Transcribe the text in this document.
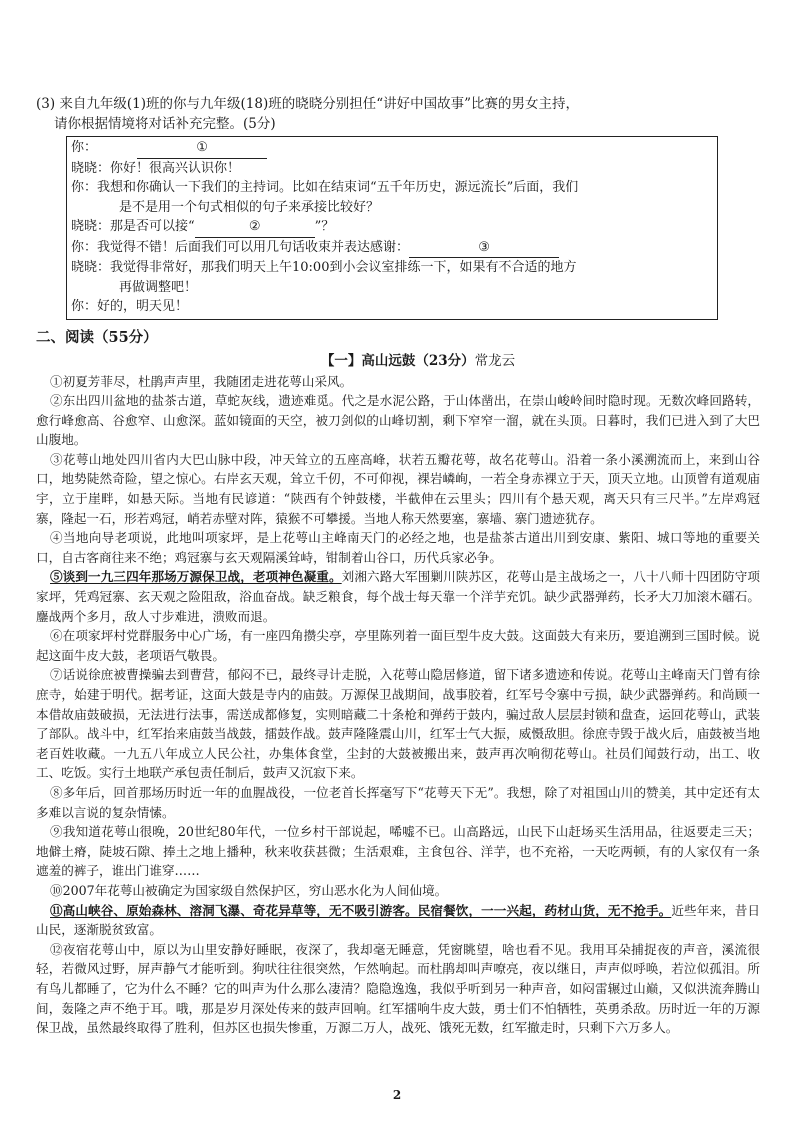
(3) 来自九年级(1)班的你与九年级(18)班的晓晓分别担任“讲好中国故事”比赛的男女主持，
请你根据情境将对话补充完整。(5分)

你：	①
晓晓：你好！很高兴认识你！
你：我想和你确认一下我们的主持词。比如在结束词“五千年历史，源远流长”后面，我们
是不是用一个句式相似的句子来承接比较好？
晓晓：那是否可以接“	②	”？
你：我觉得不错！后面我们可以用几句话收束并表达感谢：	③
晓晓：我觉得非常好，那我们明天上午10:00到小会议室排练一下，如果有不合适的地方
再做调整吧！
你：好的，明天见！
二、阅读（55分）
【一】高山远鼓（23分）常龙云

①初夏芳菲尽，杜鹃声声里，我随团走进花萼山采风。

②东出四川盆地的盐茶古道，草蛇灰线，遗迹难觅。代之是水泥公路，于山体凿出，在崇山峻岭间时隐时现。无数次峰回路转，愈行峰愈高、谷愈窄、山愈深。蓝如镜面的天空，被刀剑似的山峰切割，剩下窄窄一溜，就在头顶。日暮时，我们已进入到了大巴山腹地。

③花萼山地处四川省内大巴山脉中段，冲天耸立的五座高峰，状若五瓣花萼，故名花萼山。沿着一条小溪溯流而上，来到山谷口，地势陡然奇险，望之惊心。右岸玄天观，耸立千仞，不可仰视，裸岩嶙峋，一若全身赤裸立于天，顶天立地。山顶曾有道观庙宇，立于崖畔，如悬天际。当地有民谚道：“陕西有个钟鼓楼，半截伸在云里头；四川有个悬天观，离天只有三尺半。”左岸鸡冠寨，隆起一石，形若鸡冠，峭若赤壁对阵，猿猴不可攀援。当地人称天然要塞，寨墙、寨门遗迹犹存。

④当地向导老项说，此地叫项家坪，是上花萼山主峰南天门的必经之地，也是盐茶古道出川到安康、紫阳、城口等地的重要关口，自古客商往来不绝；鸡冠寨与玄天观隔溪耸峙，钳制着山谷口，历代兵家必争。

⑤谈到一九三四年那场万源保卫战，老项神色凝重。刘湘六路大军围剿川陕苏区，花萼山是主战场之一，八十八师十四团防守项家坪，凭鸡冠寨、玄天观之险阻敌，浴血奋战。缺乏粮食，每个战士每天靠一个洋芋充饥。缺少武器弹药，长矛大刀加滚木礌石。鏖战两个多月，敌人寸步难进，溃败而退。

⑥在项家坪村党群服务中心广场，有一座四角攒尖亭，亭里陈列着一面巨型牛皮大鼓。这面鼓大有来历，要追溯到三国时候。说起这面牛皮大鼓，老项语气敬畏。

⑦话说徐庶被曹操骗去到曹营，郁闷不已，最终寻计走脱，入花萼山隐居修道，留下诸多遗迹和传说。花萼山主峰南天门曾有徐庶寺，始建于明代。据考证，这面大鼓是寺内的庙鼓。万源保卫战期间，战事胶着，红军号令寨中亏损，缺少武器弹药。和尚顾一本借故庙鼓破损，无法进行法事，需送成都修复，实则暗藏二十条枪和弹药于鼓内，骗过敌人层层封锁和盘查，运回花萼山，武装了部队。战斗中，红军抬来庙鼓当战鼓，擂鼓作战。鼓声隆隆震山川，红军士气大振，威慑敌胆。徐庶寺毁于战火后，庙鼓被当地老百姓收藏。一九五八年成立人民公社，办集体食堂，尘封的大鼓被搬出来，鼓声再次响彻花萼山。社员们闻鼓行动，出工、收工、吃饭。实行土地联产承包责任制后，鼓声又沉寂下来。

⑧多年后，回首那场历时近一年的血腥战役，一位老首长挥毫写下“花萼天下无”。我想，除了对祖国山川的赞美，其中定还有太多难以言说的复杂情愫。

⑨我知道花萼山很晚，20世纪80年代，一位乡村干部说起，唏嘘不已。山高路远，山民下山赶场买生活用品，往返要走三天；地僻土瘠，陡坡石隙、捧土之地上播种，秋来收获甚微；生活艰难，主食包谷、洋芋，也不充裕，一天吃两顿，有的人家仅有一条遮羞的裤子，谁出门谁穿……

⑩2007年花萼山被确定为国家级自然保护区，穷山恶水化为人间仙境。

⑪高山峡谷、原始森林、溶洞飞瀑、奇花异草等，无不吸引游客。民宿餐饮，一一兴起，药材山货，无不抢手。近些年来，昔日山民，逐渐脱贫致富。

⑫夜宿花萼山中，原以为山里安静好睡眠，夜深了，我却毫无睡意，凭窗眺望，啥也看不见。我用耳朵捕捉夜的声音，溪流很轻，若微风过野，屏声静气才能听到。狗吠往往很突然，乍然响起。而杜鹃却叫声嘹亮，夜以继日，声声似呼唤，若泣似孤泪。所有鸟儿都睡了，它为什么不睡？它的叫声为什么那么凄清？隐隐逸逸，我似乎听到另一种声音，如闷雷辗过山巅，又似洪流奔腾山间，轰隆之声不绝于耳。哦，那是岁月深处传来的鼓声回响。红军擂响牛皮大鼓，勇士们不怕牺牲，英勇杀敌。历时近一年的万源保卫战，虽然最终取得了胜利，但苏区也损失惨重，万源二万人，战死、饿死无数，红军撤走时，只剩下六万多人。

2
